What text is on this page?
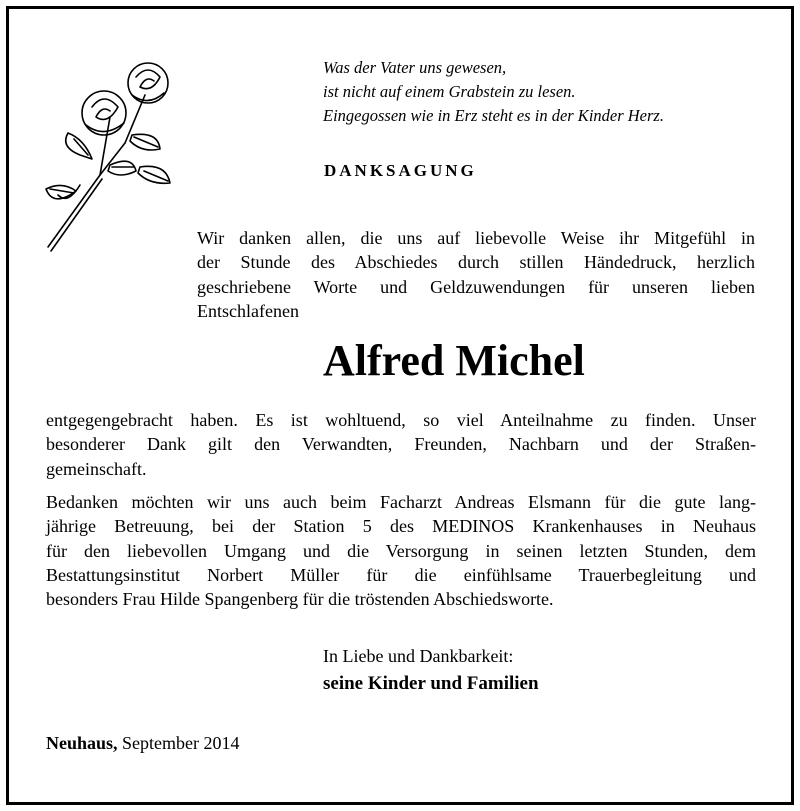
Was der Vater uns gewesen,
ist nicht auf einem Grabstein zu lesen.
Eingegossen wie in Erz steht es in der Kinder Herz.
DANKSAGUNG
Wir danken allen, die uns auf liebevolle Weise ihr Mitgefühl in
der Stunde des Abschiedes durch stillen Händedruck, herzlich
geschriebene Worte und Geldzuwendungen für unseren lieben
Entschlafenen
Alfred Michel
entgegengebracht haben. Es ist wohltuend, so viel Anteilnahme zu finden. Unser
besonderer Dank gilt den Verwandten, Freunden, Nachbarn und der Straßen-
gemeinschaft.
Bedanken möchten wir uns auch beim Facharzt Andreas Elsmann für die gute lang-
jährige Betreuung, bei der Station 5 des MEDINOS Krankenhauses in Neuhaus
für den liebevollen Umgang und die Versorgung in seinen letzten Stunden, dem
Bestattungsinstitut Norbert Müller für die einfühlsame Trauerbegleitung und
besonders Frau Hilde Spangenberg für die tröstenden Abschiedsworte.
In Liebe und Dankbarkeit:
seine Kinder und Familien
Neuhaus, September 2014
